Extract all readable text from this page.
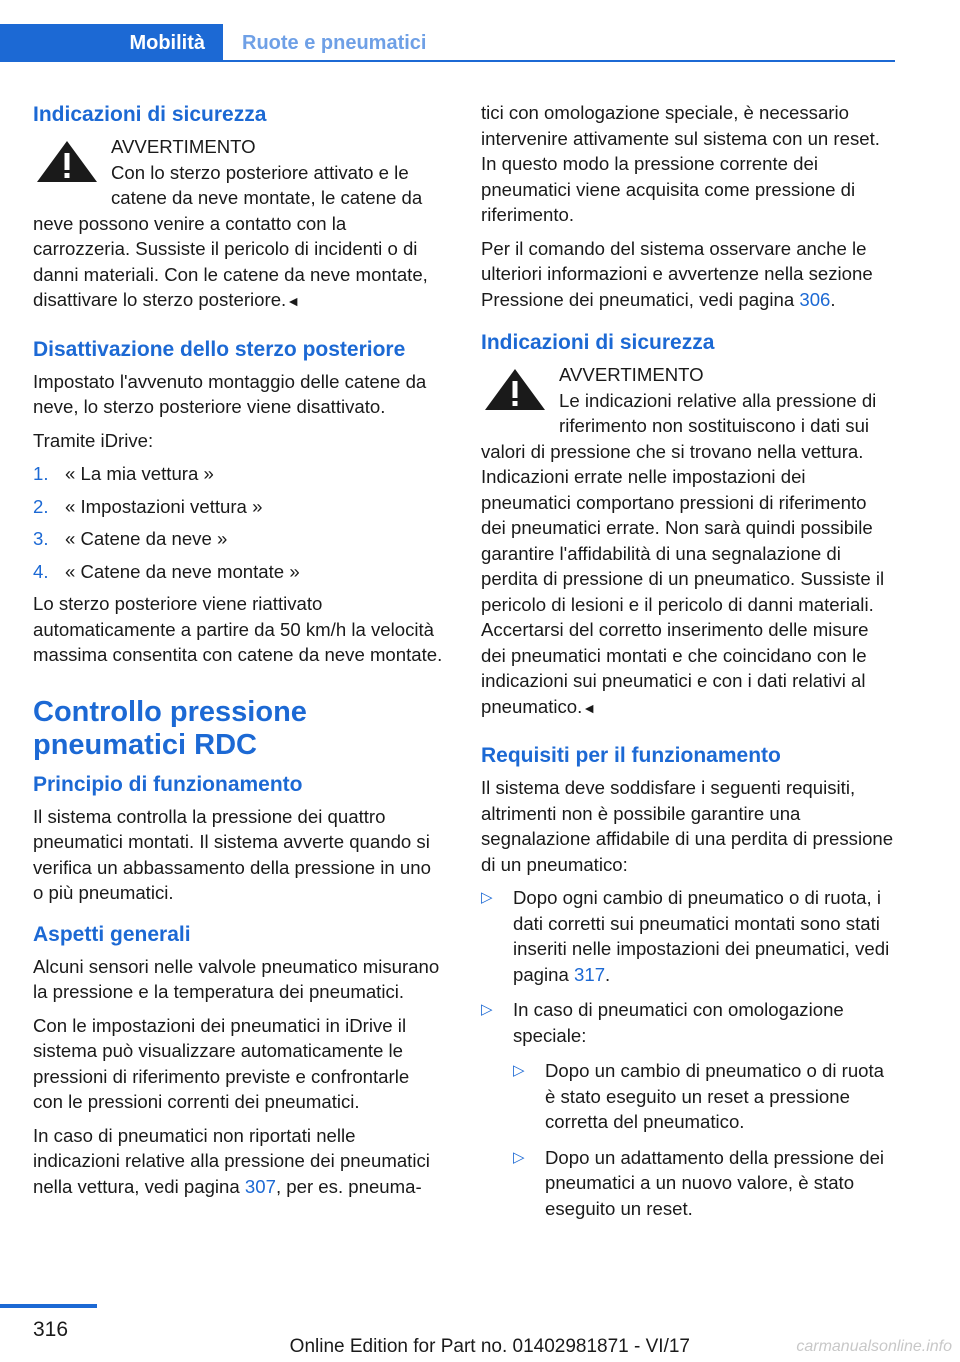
Mobilità	Ruote e pneumatici
Indicazioni di sicurezza
AVVERTIMENTO
Con lo sterzo posteriore attivato e le catene da neve montate, le catene da neve possono venire a contatto con la carrozzeria. Sussiste il pericolo di incidenti o di danni materiali. Con le catene da neve montate, disattivare lo sterzo posteriore.◄
Disattivazione dello sterzo posteriore

Impostato l'avvenuto montaggio delle catene da neve, lo sterzo posteriore viene disattivato.

Tramite iDrive:

1. « La mia vettura »
2. « Impostazioni vettura »
3. « Catene da neve »
4. « Catene da neve montate »

Lo sterzo posteriore viene riattivato automaticamente a partire da 50 km/h la velocità massima consentita con catene da neve montate.

Controllo pressione pneumatici RDC
Principio di funzionamento

Il sistema controlla la pressione dei quattro pneumatici montati. Il sistema avverte quando si verifica un abbassamento della pressione in uno o più pneumatici.

Aspetti generali

Alcuni sensori nelle valvole pneumatico misurano la pressione e la temperatura dei pneumatici.

Con le impostazioni dei pneumatici in iDrive il sistema può visualizzare automaticamente le pressioni di riferimento previste e confrontarle con le pressioni correnti dei pneumatici.

In caso di pneumatici non riportati nelle indicazioni relative alla pressione dei pneumatici nella vettura, vedi pagina 307, per es. pneuma-

tici con omologazione speciale, è necessario intervenire attivamente sul sistema con un reset. In questo modo la pressione corrente dei pneumatici viene acquisita come pressione di riferimento.

Per il comando del sistema osservare anche le ulteriori informazioni e avvertenze nella sezione Pressione dei pneumatici, vedi pagina 306.

Indicazioni di sicurezza
AVVERTIMENTO
Le indicazioni relative alla pressione di riferimento non sostituiscono i dati sui valori di pressione che si trovano nella vettura. Indicazioni errate nelle impostazioni dei pneumatici comportano pressioni di riferimento dei pneumatici errate. Non sarà quindi possibile garantire l'affidabilità di una segnalazione di perdita di pressione di un pneumatico. Sussiste il pericolo di lesioni e il pericolo di danni materiali. Accertarsi del corretto inserimento delle misure dei pneumatici montati e che coincidano con le indicazioni sui pneumatici e con i dati relativi al pneumatico.◄
Requisiti per il funzionamento

Il sistema deve soddisfare i seguenti requisiti, altrimenti non è possibile garantire una segnalazione affidabile di una perdita di pressione di un pneumatico:

▷ Dopo ogni cambio di pneumatico o di ruota, i dati corretti sui pneumatici montati sono stati inseriti nelle impostazioni dei pneumatici, vedi pagina 317.
▷ In caso di pneumatici con omologazione speciale:
▷ Dopo un cambio di pneumatico o di ruota è stato eseguito un reset a pressione corretta del pneumatico.
▷ Dopo un adattamento della pressione dei pneumatici a un nuovo valore, è stato eseguito un reset.
316
Online Edition for Part no. 01402981871 - VI/17	carmanualsonline.info
